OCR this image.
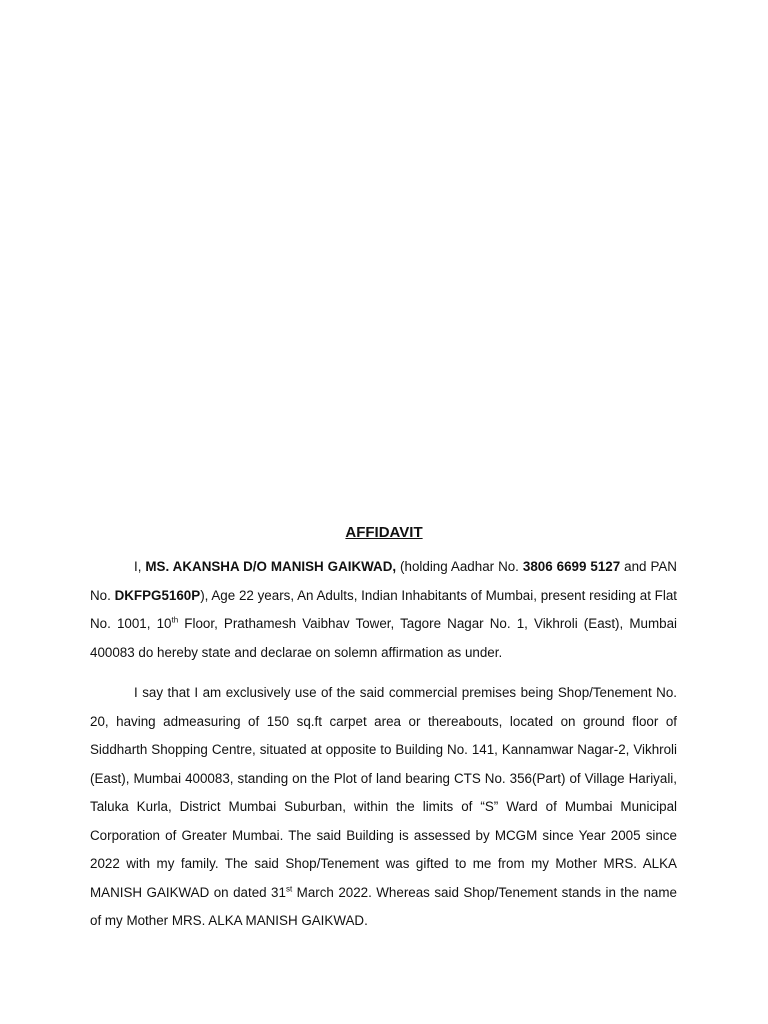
AFFIDAVIT

I, MS. AKANSHA D/O MANISH GAIKWAD, (holding Aadhar No. 3806 6699 5127 and PAN No. DKFPG5160P), Age 22 years, An Adults, Indian Inhabitants of Mumbai, present residing at Flat No. 1001, 10th Floor, Prathamesh Vaibhav Tower, Tagore Nagar No. 1, Vikhroli (East), Mumbai 400083 do hereby state and declarae on solemn affirmation as under.

I say that I am exclusively use of the said commercial premises being Shop/Tenement No. 20, having admeasuring of 150 sq.ft carpet area or thereabouts, located on ground floor of Siddharth Shopping Centre, situated at opposite to Building No. 141, Kannamwar Nagar-2, Vikhroli (East), Mumbai 400083, standing on the Plot of land bearing CTS No. 356(Part) of Village Hariyali, Taluka Kurla, District Mumbai Suburban, within the limits of “S” Ward of Mumbai Municipal Corporation of Greater Mumbai. The said Building is assessed by MCGM since Year 2005 since 2022 with my family. The said Shop/Tenement was gifted to me from my Mother MRS. ALKA MANISH GAIKWAD on dated 31st March 2022. Whereas said Shop/Tenement stands in the name of my Mother MRS. ALKA MANISH GAIKWAD.
